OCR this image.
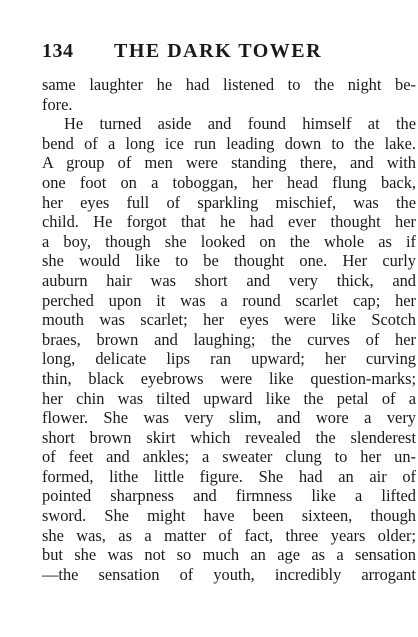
134 THE DARK TOWER
same laughter he had listened to the night be-
fore.
He turned aside and found himself at the
bend of a long ice run leading down to the lake.
A group of men were standing there, and with
one foot on a toboggan, her head flung back,
her eyes full of sparkling mischief, was the
child. He forgot that he had ever thought her
a boy, though she looked on the whole as if
she would like to be thought one. Her curly
auburn hair was short and very thick, and
perched upon it was a round scarlet cap; her
mouth was scarlet; her eyes were like Scotch
braes, brown and laughing; the curves of her
long, delicate lips ran upward; her curving
thin, black eyebrows were like question-marks;
her chin was tilted upward like the petal of a
flower. She was very slim, and wore a very
short brown skirt which revealed the slenderest
of feet and ankles; a sweater clung to her un-
formed, lithe little figure. She had an air of
pointed sharpness and firmness like a lifted
sword. She might have been sixteen, though
she was, as a matter of fact, three years older;
but she was not so much an age as a sensation
—the sensation of youth, incredibly arrogant
